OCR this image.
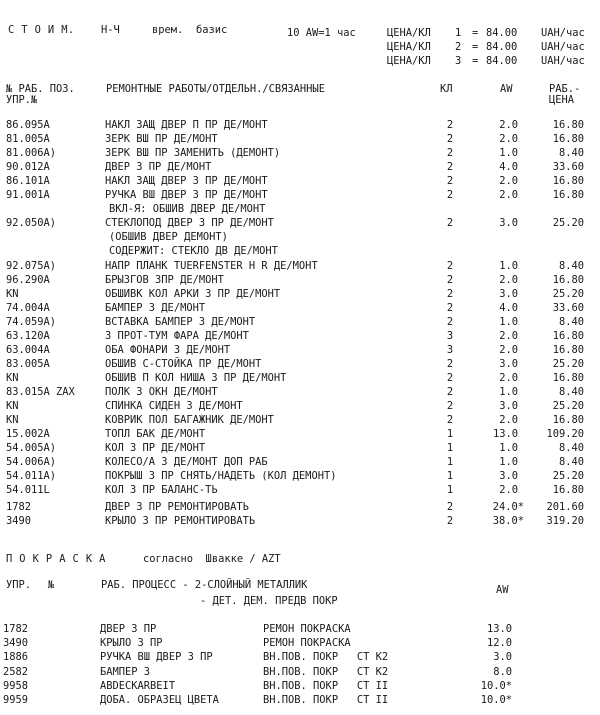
С Т О И М.	Н-Ч	врем. базис	10 AW=1 час	ЦЕНА/КЛ 1 = 84.00 UAH/час
ЦЕНА/КЛ 2 = 84.00 UAH/час
ЦЕНА/КЛ 3 = 84.00 UAH/час
№ РАБ. ПОЗ.
УПР.№
РЕМОНТНЫЕ РАБОТЫ/ОТДЕЛЬН./СВЯЗАННЫЕ	КЛ	AW	РАБ.-
ЦЕНА
86.095A	НАКЛ ЗАЩ ДВЕР П ПР ДЕ/МОНТ	2	2.0	16.80
81.005A	ЗЕРК ВШ ПР ДЕ/МОНТ	2	2.0	16.80
81.006A)	ЗЕРК ВШ ПР ЗАМЕНИТЬ (ДЕМОНТ)	2	1.0	8.40
90.012A	ДВЕР З ПР ДЕ/МОНТ	2	4.0	33.60
86.101A	НАКЛ ЗАЩ ДВЕР З ПР ДЕ/МОНТ	2	2.0	16.80
91.001A	РУЧКА ВШ ДВЕР З ПР ДЕ/МОНТ	2	2.0	16.80
ВКЛ-Я: ОБШИВ ДВЕР ДЕ/МОНТ
92.050A)	СТЕКЛОПОД ДВЕР З ПР ДЕ/МОНТ	2	3.0	25.20
(ОБШИВ ДВЕР ДЕМОНТ)
СОДЕРЖИТ: СТЕКЛО ДВ ДЕ/МОНТ
92.075A)	НАПР ПЛАНК TUERFENSTER H R ДЕ/МОНТ	2	1.0	8.40
96.290A	БРЫЗГОВ ЗПР ДЕ/МОНТ	2	2.0	16.80
KN	ОБШИВК КОЛ АРКИ З ПР ДЕ/МОНТ	2	3.0	25.20
74.004A	БАМПЕР З ДЕ/МОНТ	2	4.0	33.60
74.059A)	ВСТАВКА БАМПЕР З ДЕ/МОНТ	2	1.0	8.40
63.120A	З ПРОТ-ТУМ ФАРА ДЕ/МОНТ	3	2.0	16.80
63.004A	ОБА ФОНАРИ З ДЕ/МОНТ	3	2.0	16.80
83.005A	ОБШИВ С-СТОЙКА ПР ДЕ/МОНТ	2	3.0	25.20
KN	ОБШИВ П КОЛ НИША З ПР ДЕ/МОНТ	2	2.0	16.80
83.015A ZAX	ПОЛК З ОКН ДЕ/МОНТ	2	1.0	8.40
KN	СПИНКА СИДЕН З ДЕ/МОНТ	2	3.0	25.20
KN	КОВРИК ПОЛ БАГАЖНИК ДЕ/МОНТ	2	2.0	16.80
15.002A	ТОПЛ БАК ДЕ/МОНТ	1	13.0	109.20
54.005A)	КОЛ З ПР ДЕ/МОНТ	1	1.0	8.40
54.006A)	КОЛЕСО/А З ДЕ/МОНТ ДОП РАБ	1	1.0	8.40
54.011A)	ПОКРЫШ З ПР СНЯТЬ/НАДЕТЬ (КОЛ ДЕМОНТ)	1	3.0	25.20
54.011L	КОЛ З ПР БАЛАНС-ТЬ	1	2.0	16.80
1782	ДВЕР З ПР РЕМОНТИРОВАТЬ	2	24.0*	201.60
3490	КРЫЛО З ПР РЕМОНТИРОВАТЬ	2	38.0*	319.20
П О К Р А С К А	согласно  Швакке / AZT
УПР. №	РАБ. ПРОЦЕСС - 2-СЛОЙНЫЙ МЕТАЛЛИК
- ДЕТ. ДЕМ. ПРЕДВ ПОКР
AW
1782	ДВЕР З ПР	РЕМОН ПОКРАСКА	13.0
3490	КРЫЛО З ПР	РЕМОН ПОКРАСКА	12.0
1886	РУЧКА ВШ ДВЕР З ПР	ВН.ПОВ. ПОКР   СТ К2	3.0
2582	БАМПЕР З	ВН.ПОВ. ПОКР   СТ К2	8.0
9958	ABDECKARBEIT	ВН.ПОВ. ПОКР   СТ II	10.0*
9959	ДОБА. ОБРАЗЕЦ ЦВЕТА	ВН.ПОВ. ПОКР   СТ II	10.0*
